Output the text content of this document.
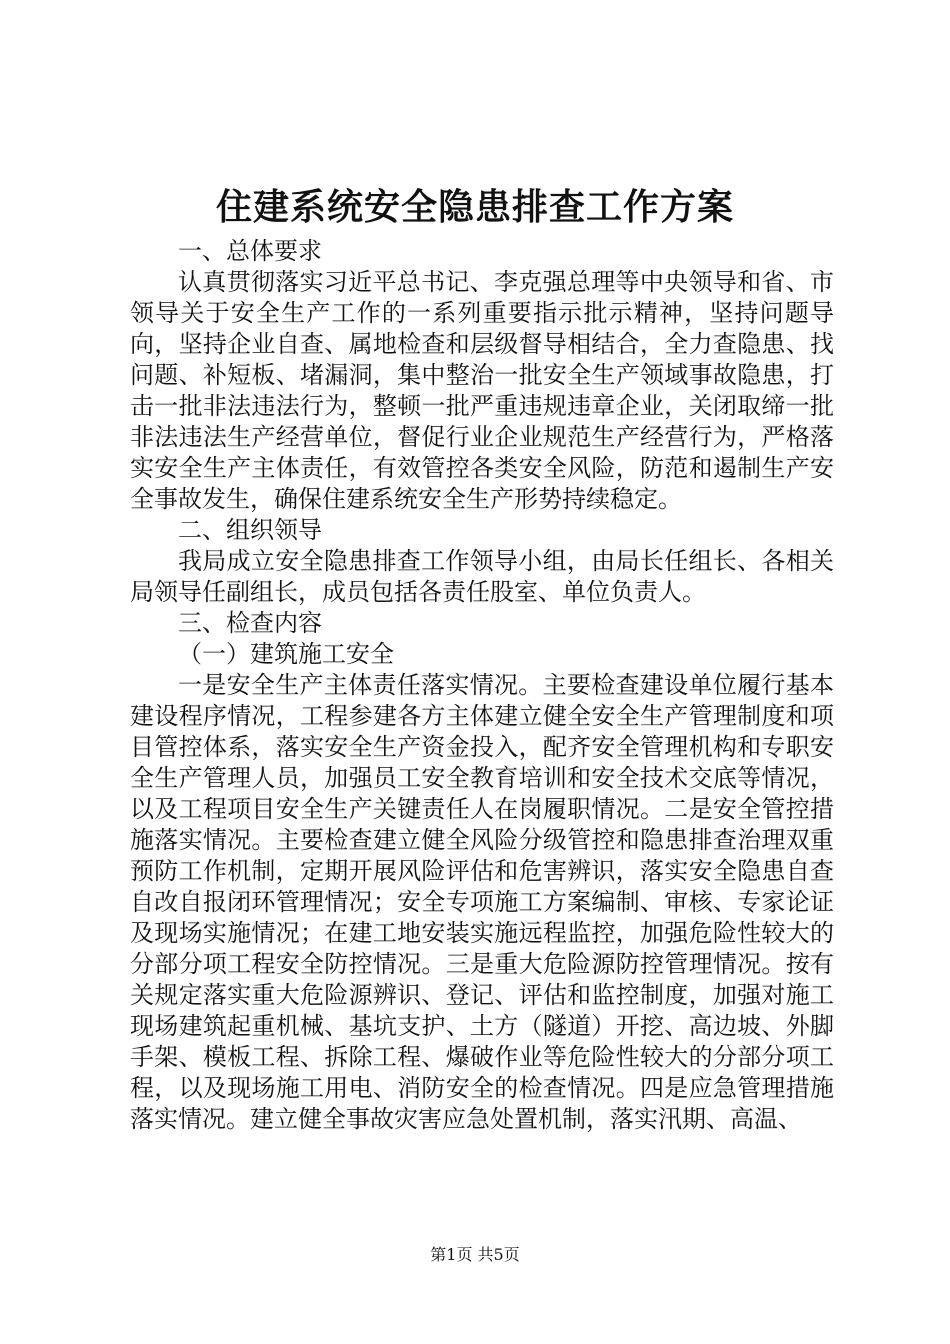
住建系统安全隐患排查工作方案

一、总体要求

认真贯彻落实习近平总书记、李克强总理等中央领导和省、市领导关于安全生产工作的一系列重要指示批示精神，坚持问题导向，坚持企业自查、属地检查和层级督导相结合，全力查隐患、找问题、补短板、堵漏洞，集中整治一批安全生产领域事故隐患，打击一批非法违法行为，整顿一批严重违规违章企业，关闭取缔一批非法违法生产经营单位，督促行业企业规范生产经营行为，严格落实安全生产主体责任，有效管控各类安全风险，防范和遏制生产安全事故发生，确保住建系统安全生产形势持续稳定。

二、组织领导

我局成立安全隐患排查工作领导小组，由局长任组长、各相关局领导任副组长，成员包括各责任股室、单位负责人。

三、检查内容

（一）建筑施工安全

一是安全生产主体责任落实情况。主要检查建设单位履行基本建设程序情况，工程参建各方主体建立健全安全生产管理制度和项目管控体系，落实安全生产资金投入，配齐安全管理机构和专职安全生产管理人员，加强员工安全教育培训和安全技术交底等情况，以及工程项目安全生产关键责任人在岗履职情况。二是安全管控措施落实情况。主要检查建立健全风险分级管控和隐患排查治理双重预防工作机制，定期开展风险评估和危害辨识，落实安全隐患自查自改自报闭环管理情况；安全专项施工方案编制、审核、专家论证及现场实施情况；在建工地安装实施远程监控，加强危险性较大的分部分项工程安全防控情况。三是重大危险源防控管理情况。按有关规定落实重大危险源辨识、登记、评估和监控制度，加强对施工现场建筑起重机械、基坑支护、土方（隧道）开挖、高边坡、外脚手架、模板工程、拆除工程、爆破作业等危险性较大的分部分项工程，以及现场施工用电、消防安全的检查情况。四是应急管理措施落实情况。建立健全事故灾害应急处置机制，落实汛期、高温、

第1页 共5页
